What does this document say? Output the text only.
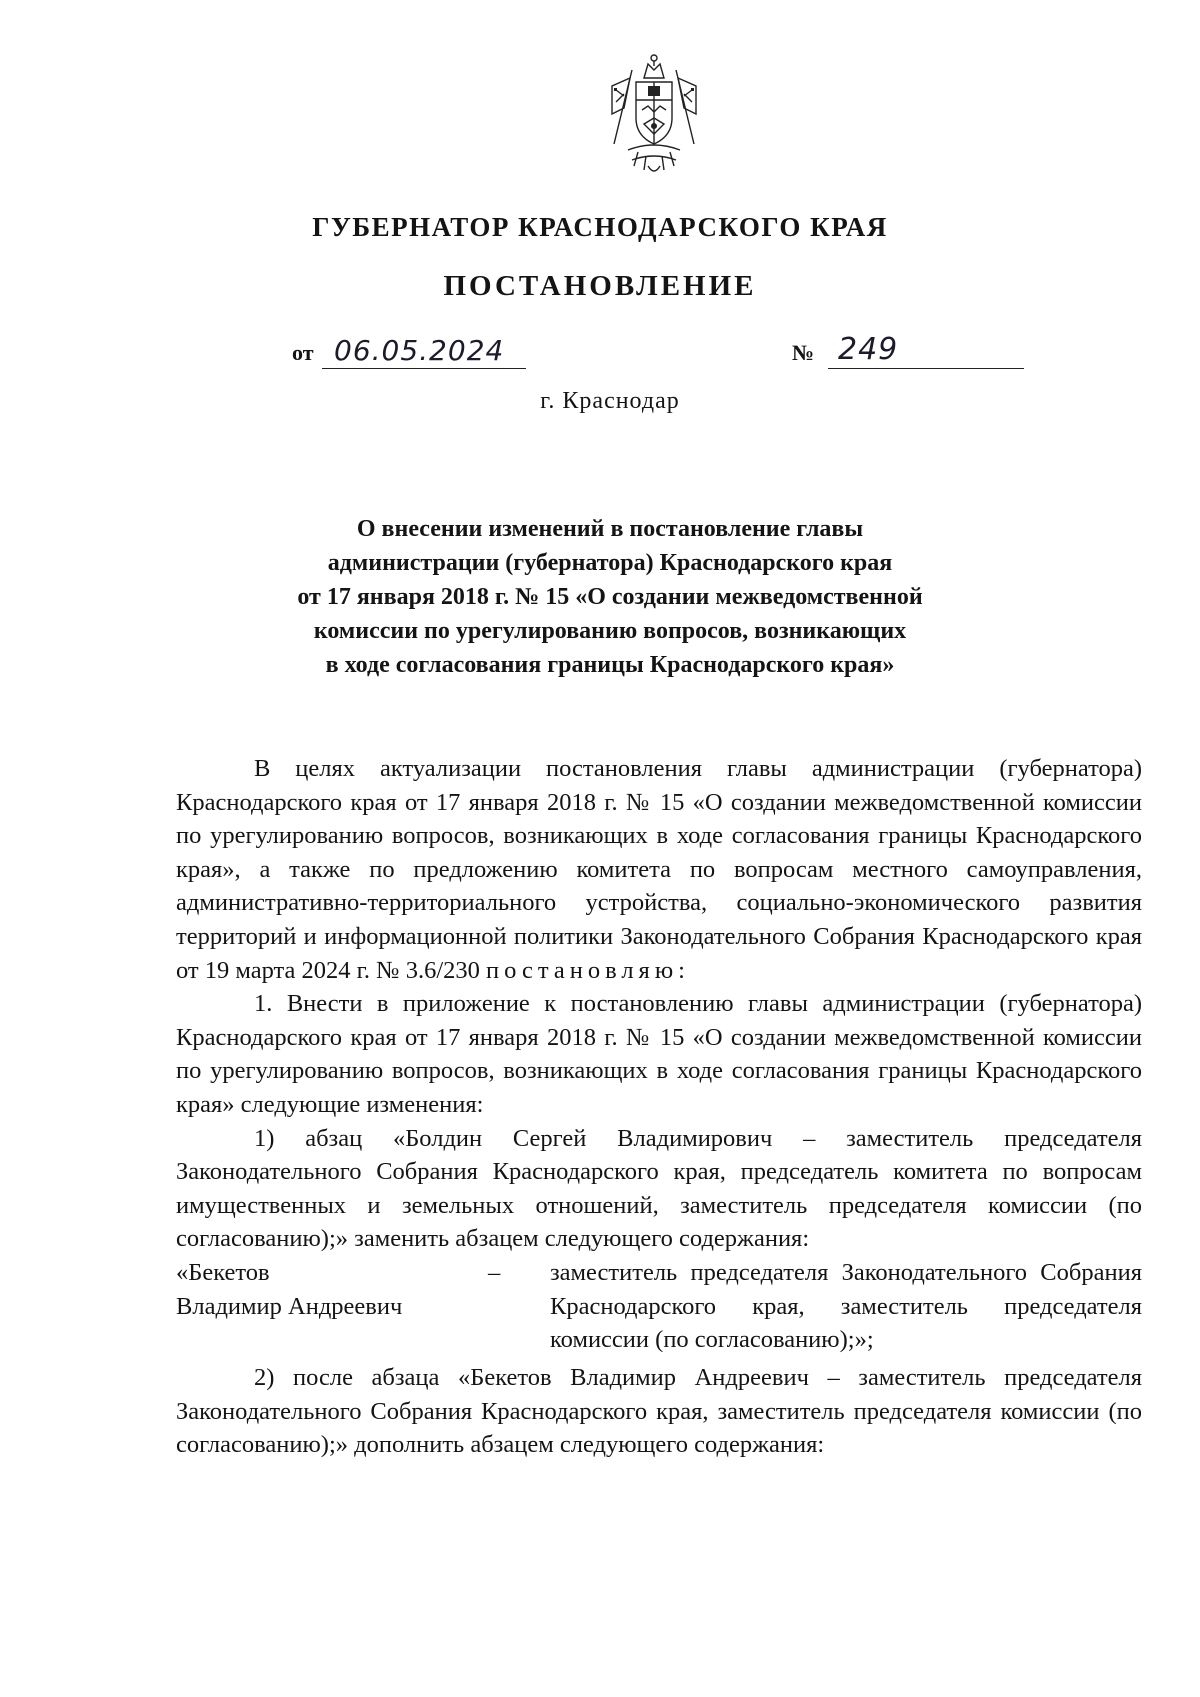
ГУБЕРНАТОР КРАСНОДАРСКОГО КРАЯ
ПОСТАНОВЛЕНИЕ
от 06.05.2024	№ 249
г. Краснодар
О внесении изменений в постановление главы
администрации (губернатора) Краснодарского края
от 17 января 2018 г. № 15 «О создании межведомственной
комиссии по урегулированию вопросов, возникающих
в ходе согласования границы Краснодарского края»

В целях актуализации постановления главы администрации (губернатора) Краснодарского края от 17 января 2018 г. № 15 «О создании межведомственной комиссии по урегулированию вопросов, возникающих в ходе согласования границы Краснодарского края», а также по предложению комитета по вопросам местного самоуправления, административно-территориального устройства, социально-экономического развития территорий и информационной политики Законодательного Собрания Краснодарского края от 19 марта 2024 г. № 3.6/230 постановляю:

1. Внести в приложение к постановлению главы администрации (губернатора) Краснодарского края от 17 января 2018 г. № 15 «О создании межведомственной комиссии по урегулированию вопросов, возникающих в ходе согласования границы Краснодарского края» следующие изменения:

1) абзац «Болдин Сергей Владимирович – заместитель председателя Законодательного Собрания Краснодарского края, председатель комитета по вопросам имущественных и земельных отношений, заместитель председателя комиссии (по согласованию);» заменить абзацем следующего содержания:

«Бекетов
Владимир Андреевич
– заместитель председателя Законодательного Собрания Краснодарского края, заместитель председателя комиссии (по согласованию);»;

2) после абзаца «Бекетов Владимир Андреевич – заместитель председателя Законодательного Собрания Краснодарского края, заместитель председателя комиссии (по согласованию);» дополнить абзацем следующего содержания:
